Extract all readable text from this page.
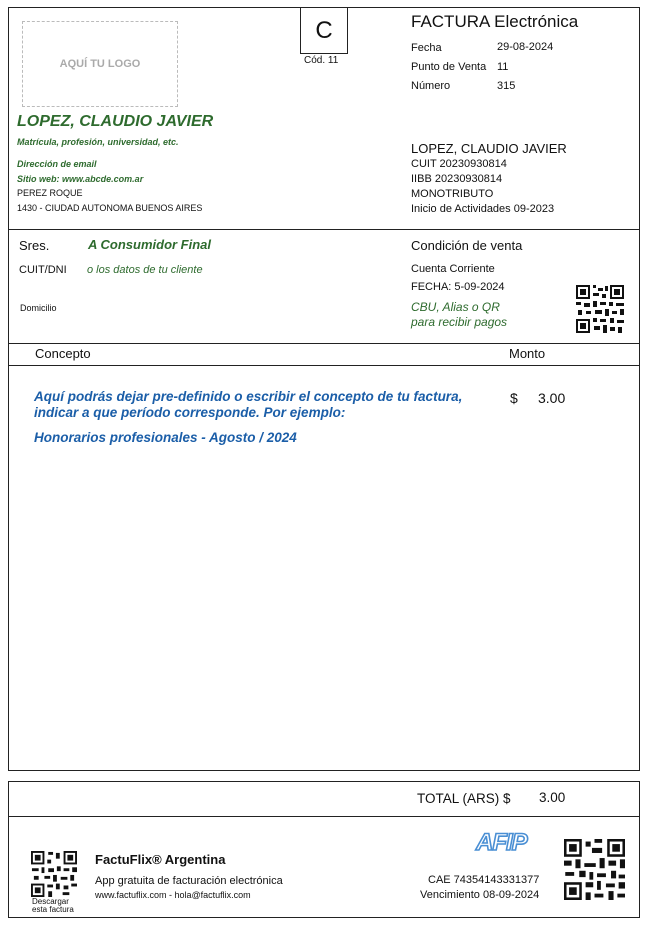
AQUÍ TU LOGO
C
Cód. 11
LOPEZ, CLAUDIO JAVIER
Matrícula, profesión, universidad, etc.
Dirección de email
Sitio web: www.abcde.com.ar
PEREZ ROQUE
1430 - CIUDAD AUTONOMA BUENOS AIRES
FACTURA Electrónica
Fecha	29-08-2024
Punto de Venta 11
Número	315
LOPEZ, CLAUDIO JAVIER
CUIT 20230930814
IIBB 20230930814
MONOTRIBUTO
Inicio de Actividades 09-2023
Sres.	A Consumidor Final
CUIT/DNI o los datos de tu cliente
Domicilio
Condición de venta
Cuenta Corriente
FECHA: 5-09-2024
CBU, Alias o QR
para recibir pagos
Concepto	Monto
Aquí podrás dejar pre-definido o escribir el concepto de tu factura,
indicar a que período corresponde. Por ejemplo:
Honorarios profesionales - Agosto / 2024
$ 3.00
TOTAL (ARS) $ 3.00
Descargar
esta factura
FactuFlix® Argentina
App gratuita de facturación electrónica
www.factuflix.com - hola@factuflix.com
AFIP
CAE 74354143331377
Vencimiento 08-09-2024
